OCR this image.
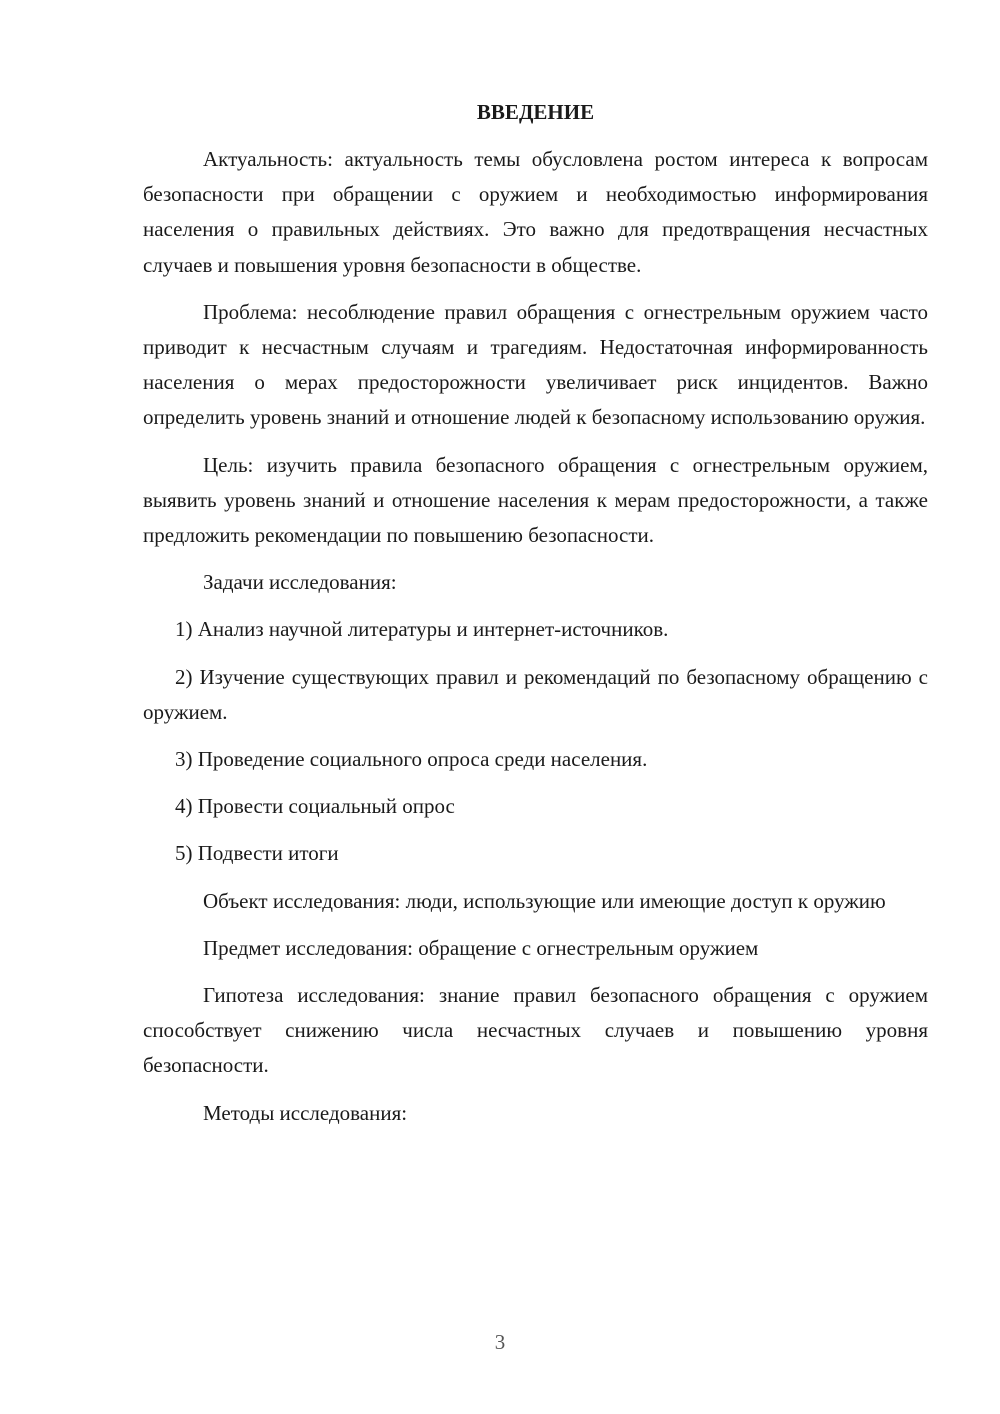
ВВЕДЕНИЕ

Актуальность: актуальность темы обусловлена ростом интереса к вопросам безопасности при обращении с оружием и необходимостью информирования населения о правильных действиях. Это важно для предотвращения несчастных случаев и повышения уровня безопасности в обществе.

Проблема: несоблюдение правил обращения с огнестрельным оружием часто приводит к несчастным случаям и трагедиям. Недостаточная информированность населения о мерах предосторожности увеличивает риск инцидентов. Важно определить уровень знаний и отношение людей к безопасному использованию оружия.

Цель: изучить правила безопасного обращения с огнестрельным оружием, выявить уровень знаний и отношение населения к мерам предосторожности, а также предложить рекомендации по повышению безопасности.

Задачи исследования:

1) Анализ научной литературы и интернет-источников.

2) Изучение существующих правил и рекомендаций по безопасному обращению с оружием.

3) Проведение социального опроса среди населения.

4) Провести социальный опрос

5) Подвести итоги

Объект исследования: люди, использующие или имеющие доступ к оружию

Предмет исследования: обращение с огнестрельным оружием

Гипотеза исследования: знание правил безопасного обращения с оружием способствует снижению числа несчастных случаев и повышению уровня безопасности.

Методы исследования:

3
